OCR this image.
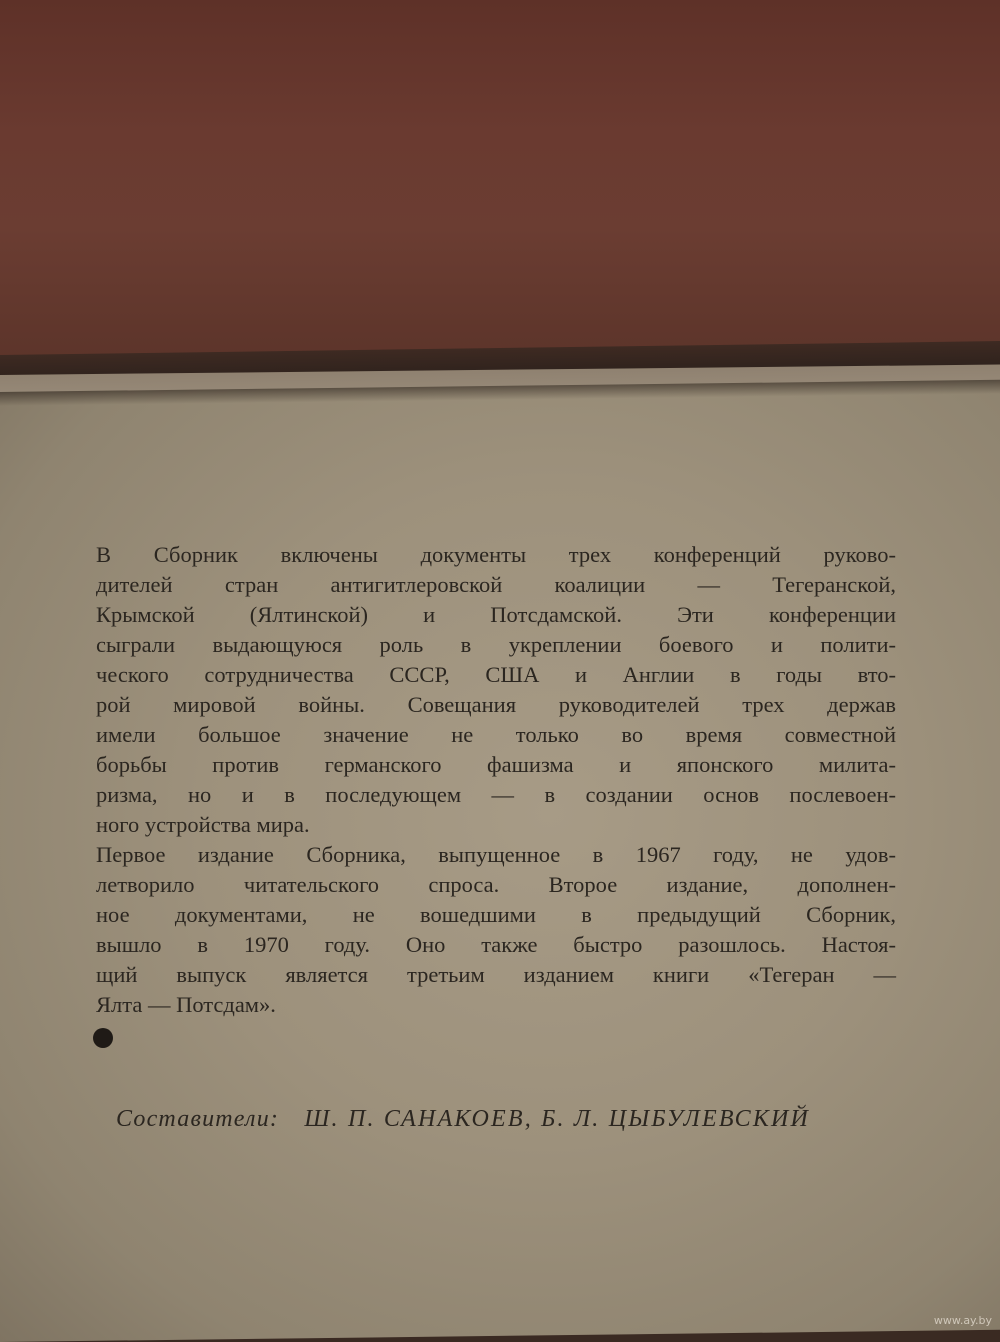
В Сборник включены документы трех конференций руково-
дителей стран антигитлеровской коалиции — Тегеранской,
Крымской (Ялтинской) и Потсдамской. Эти конференции
сыграли выдающуюся роль в укреплении боевого и полити-
ческого сотрудничества СССР, США и Англии в годы вто-
рой мировой войны. Совещания руководителей трех держав
имели большое значение не только во время совместной
борьбы против германского фашизма и японского милита-
ризма, но и в последующем — в создании основ послевоен-
ного устройства мира.
Первое издание Сборника, выпущенное в 1967 году, не удов-
летворило читательского спроса. Второе издание, дополнен-
ное документами, не вошедшими в предыдущий Сборник,
вышло в 1970 году. Оно также быстро разошлось. Настоя-
щий выпуск является третьим изданием книги «Тегеран —
Ялта — Потсдам».
Составители: Ш. П. САНАКОЕВ, Б. Л. ЦЫБУЛЕВСКИЙ
www.ay.by
